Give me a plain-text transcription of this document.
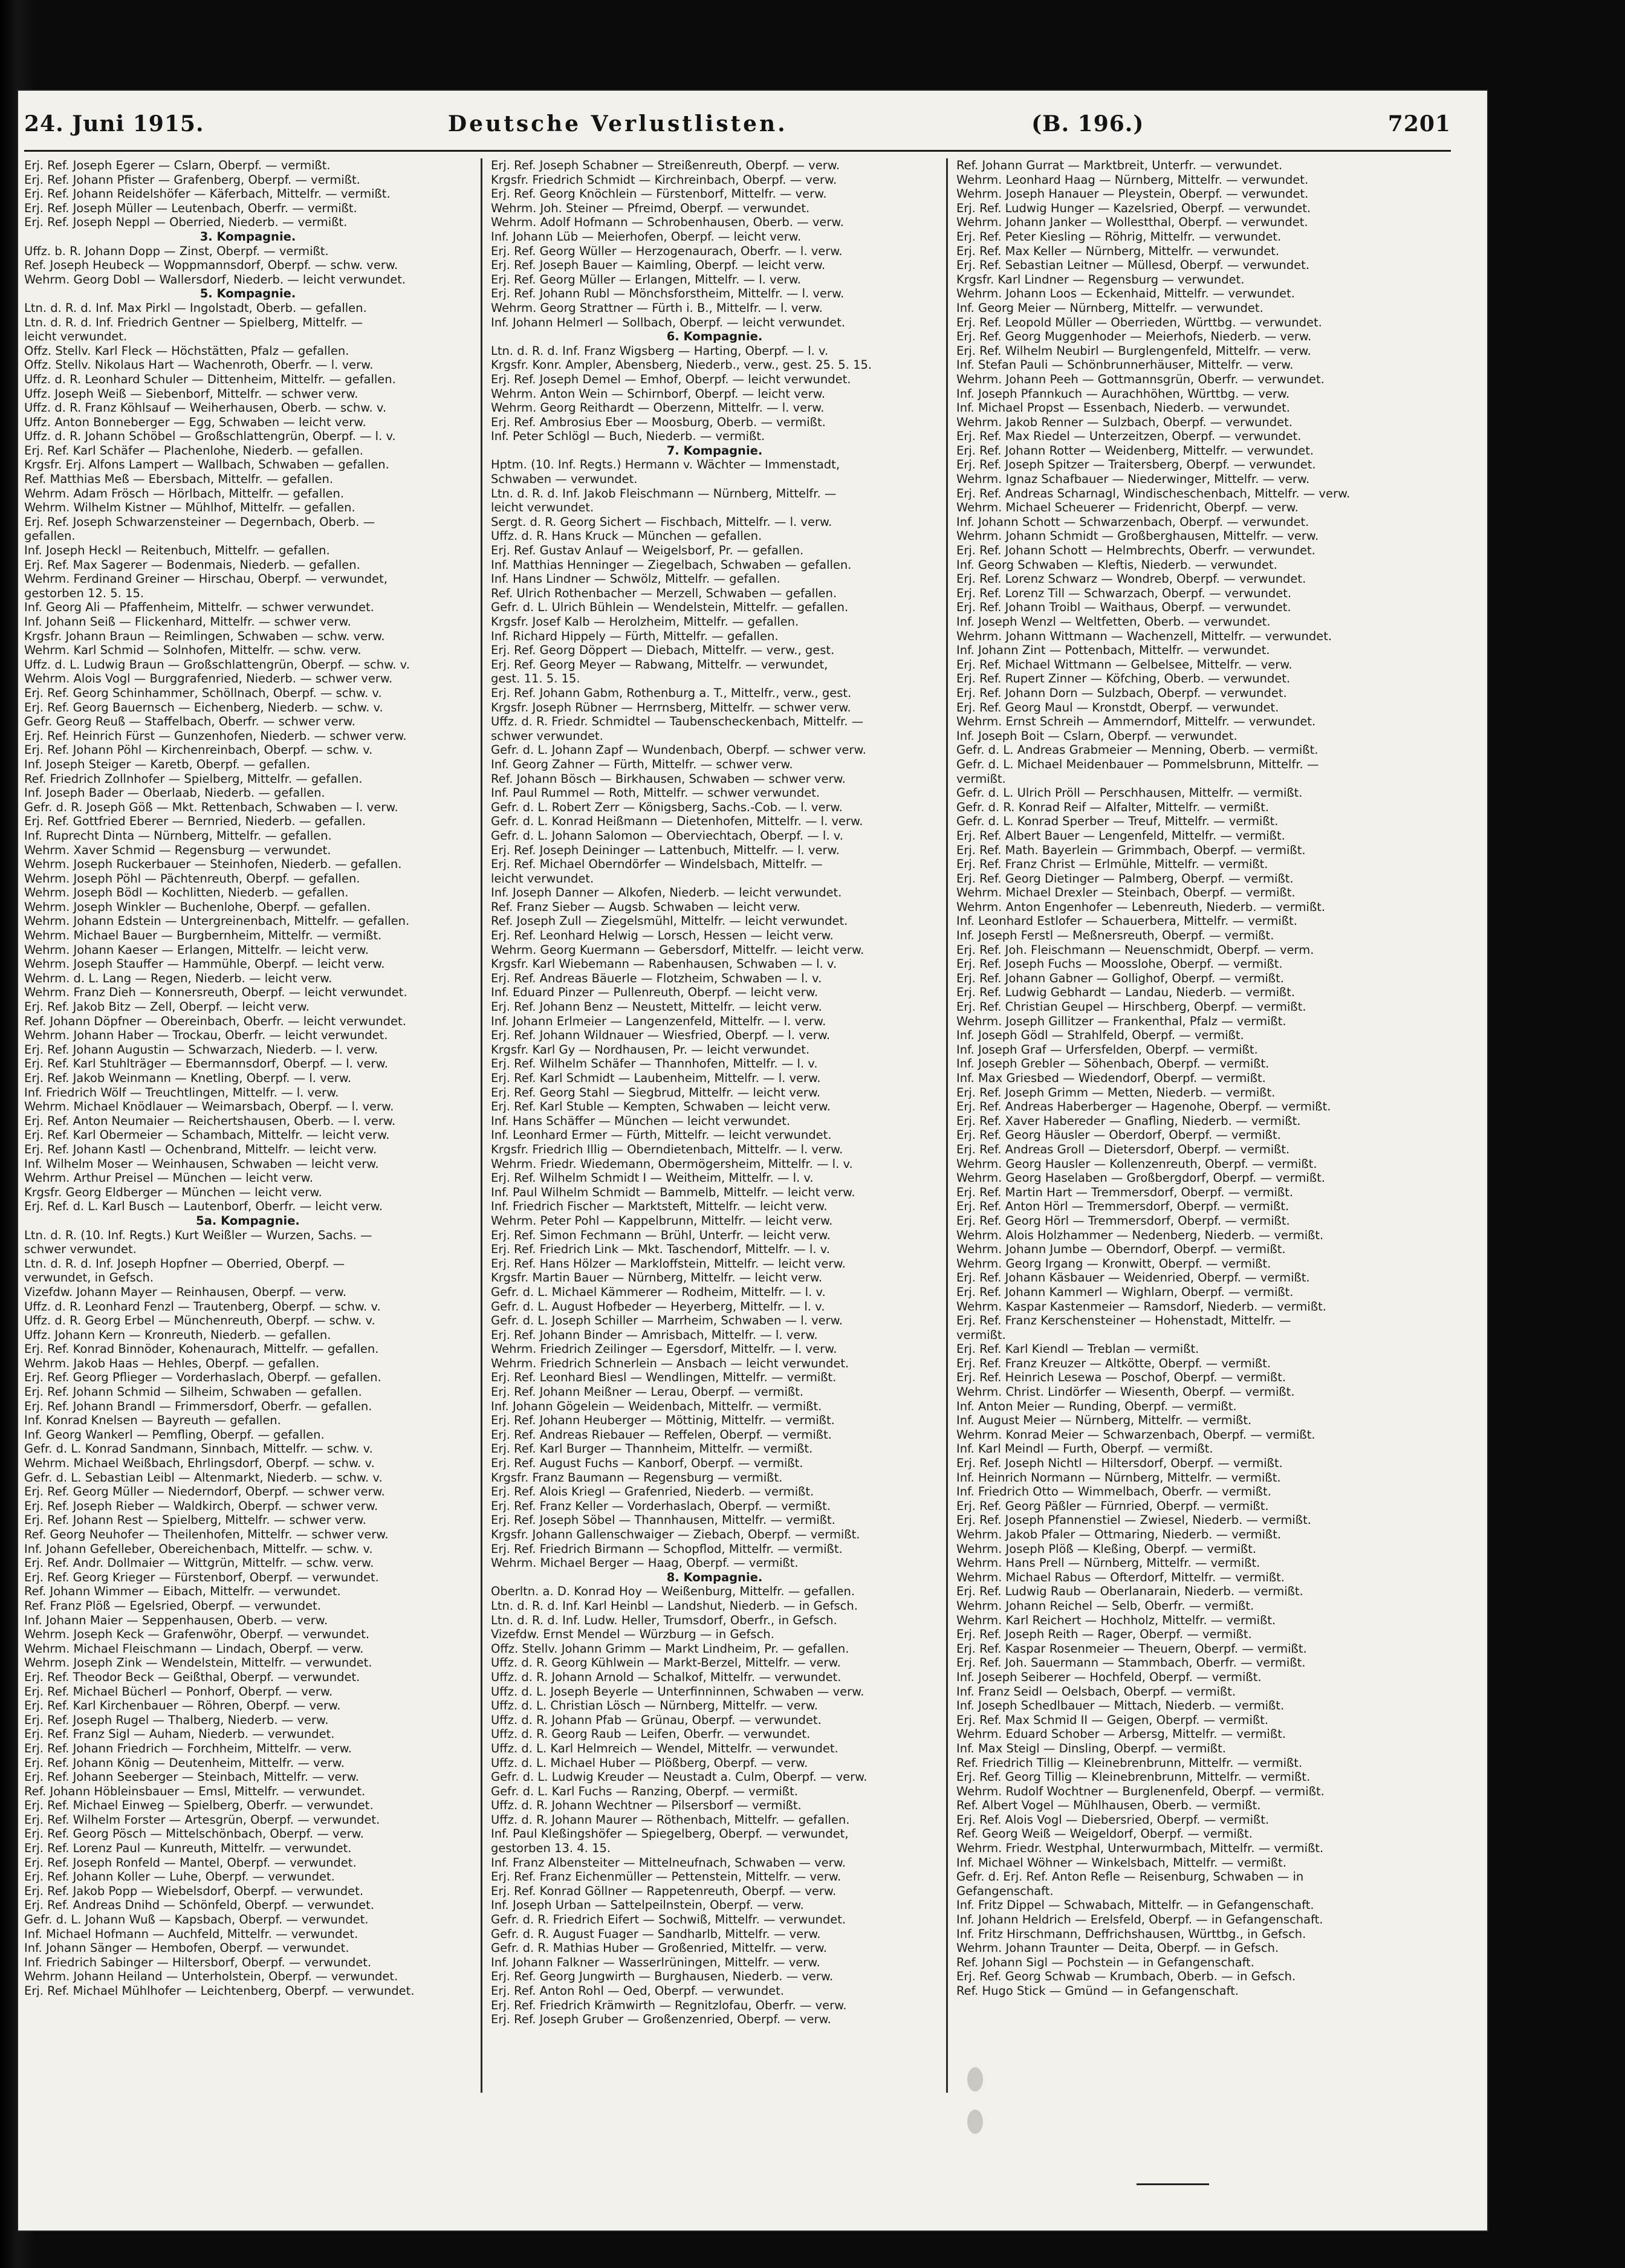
24. Juni 1915.	Deutsche Verlustlisten.	(B. 196.)	7201
Erj. Ref. Joseph Egerer — Cslarn, Oberpf. — vermißt.
Erj. Ref. Johann Pfister — Grafenberg, Oberpf. — vermißt.
Erj. Ref. Johann Reidelshöfer — Käferbach, Mittelfr. — vermißt.
Erj. Ref. Joseph Müller — Leutenbach, Oberfr. — vermißt.
Erj. Ref. Joseph Neppl — Oberried, Niederb. — vermißt.
3. Kompagnie.
Uffz. b. R. Johann Dopp — Zinst, Oberpf. — vermißt.
Ref. Joseph Heubeck — Woppmannsdorf, Oberpf. — schw. verw.
Wehrm. Georg Dobl — Wallersdorf, Niederb. — leicht verwundet.
5. Kompagnie.
Ltn. d. R. d. Inf. Max Pirkl — Ingolstadt, Oberb. — gefallen.
Ltn. d. R. d. Inf. Friedrich Gentner — Spielberg, Mittelfr. —
leicht verwundet.
Offz. Stellv. Karl Fleck — Höchstätten, Pfalz — gefallen.
Offz. Stellv. Nikolaus Hart — Wachenroth, Oberfr. — l. verw.
Uffz. d. R. Leonhard Schuler — Dittenheim, Mittelfr. — gefallen.
Uffz. Joseph Weiß — Siebenborf, Mittelfr. — schwer verw.
Uffz. d. R. Franz Köhlsauf — Weiherhausen, Oberb. — schw. v.
Uffz. Anton Bonneberger — Egg, Schwaben — leicht verw.
Uffz. d. R. Johann Schöbel — Großschlattengrün, Oberpf. — l. v.
Erj. Ref. Karl Schäfer — Plachenlohe, Niederb. — gefallen.
Krgsfr. Erj. Alfons Lampert — Wallbach, Schwaben — gefallen.
Ref. Matthias Meß — Ebersbach, Mittelfr. — gefallen.
Wehrm. Adam Frösch — Hörlbach, Mittelfr. — gefallen.
Wehrm. Wilhelm Kistner — Mühlhof, Mittelfr. — gefallen.
Erj. Ref. Joseph Schwarzensteiner — Degernbach, Oberb. —
gefallen.
Inf. Joseph Heckl — Reitenbuch, Mittelfr. — gefallen.
Erj. Ref. Max Sagerer — Bodenmais, Niederb. — gefallen.
Wehrm. Ferdinand Greiner — Hirschau, Oberpf. — verwundet,
gestorben 12. 5. 15.
Inf. Georg Ali — Pfaffenheim, Mittelfr. — schwer verwundet.
Inf. Johann Seiß — Flickenhard, Mittelfr. — schwer verw.
Krgsfr. Johann Braun — Reimlingen, Schwaben — schw. verw.
Wehrm. Karl Schmid — Solnhofen, Mittelfr. — schw. verw.
Uffz. d. L. Ludwig Braun — Großschlattengrün, Oberpf. — schw. v.
Wehrm. Alois Vogl — Burggrafenried, Niederb. — schwer verw.
Erj. Ref. Georg Schinhammer, Schöllnach, Oberpf. — schw. v.
Erj. Ref. Georg Bauernsch — Eichenberg, Niederb. — schw. v.
Gefr. Georg Reuß — Staffelbach, Oberfr. — schwer verw.
Erj. Ref. Heinrich Fürst — Gunzenhofen, Niederb. — schwer verw.
Erj. Ref. Johann Pöhl — Kirchenreinbach, Oberpf. — schw. v.
Inf. Joseph Steiger — Karetb, Oberpf. — gefallen.
Ref. Friedrich Zollnhofer — Spielberg, Mittelfr. — gefallen.
Inf. Joseph Bader — Oberlaab, Niederb. — gefallen.
Gefr. d. R. Joseph Göß — Mkt. Rettenbach, Schwaben — l. verw.
Erj. Ref. Gottfried Eberer — Bernried, Niederb. — gefallen.
Inf. Ruprecht Dinta — Nürnberg, Mittelfr. — gefallen.
Wehrm. Xaver Schmid — Regensburg — verwundet.
Wehrm. Joseph Ruckerbauer — Steinhofen, Niederb. — gefallen.
Wehrm. Joseph Pöhl — Pächtenreuth, Oberpf. — gefallen.
Wehrm. Joseph Bödl — Kochlitten, Niederb. — gefallen.
Wehrm. Joseph Winkler — Buchenlohe, Oberpf. — gefallen.
Wehrm. Johann Edstein — Untergreinenbach, Mittelfr. — gefallen.
Wehrm. Michael Bauer — Burgbernheim, Mittelfr. — vermißt.
Wehrm. Johann Kaeser — Erlangen, Mittelfr. — leicht verw.
Wehrm. Joseph Stauffer — Hammühle, Oberpf. — leicht verw.
Wehrm. d. L. Lang — Regen, Niederb. — leicht verw.
Wehrm. Franz Dieh — Konnersreuth, Oberpf. — leicht verwundet.
Erj. Ref. Jakob Bitz — Zell, Oberpf. — leicht verw.
Ref. Johann Döpfner — Obereinbach, Oberfr. — leicht verwundet.
Wehrm. Johann Haber — Trockau, Oberfr. — leicht verwundet.
Erj. Ref. Johann Augustin — Schwarzach, Niederb. — l. verw.
Erj. Ref. Karl Stuhlträger — Ebermannsdorf, Oberpf. — l. verw.
Erj. Ref. Jakob Weinmann — Knetling, Oberpf. — l. verw.
Inf. Friedrich Wölf — Treuchtlingen, Mittelfr. — l. verw.
Wehrm. Michael Knödlauer — Weimarsbach, Oberpf. — l. verw.
Erj. Ref. Anton Neumaier — Reichertshausen, Oberb. — l. verw.
Erj. Ref. Karl Obermeier — Schambach, Mittelfr. — leicht verw.
Erj. Ref. Johann Kastl — Ochenbrand, Mittelfr. — leicht verw.
Inf. Wilhelm Moser — Weinhausen, Schwaben — leicht verw.
Wehrm. Arthur Preisel — München — leicht verw.
Krgsfr. Georg Eldberger — München — leicht verw.
Erj. Ref. d. L. Karl Busch — Lautenborf, Oberfr. — leicht verw.
5a. Kompagnie.
Ltn. d. R. (10. Inf. Regts.) Kurt Weißler — Wurzen, Sachs. —
schwer verwundet.
Ltn. d. R. d. Inf. Joseph Hopfner — Oberried, Oberpf. —
verwundet, in Gefsch.
Vizefdw. Johann Mayer — Reinhausen, Oberpf. — verw.
Uffz. d. R. Leonhard Fenzl — Trautenberg, Oberpf. — schw. v.
Uffz. d. R. Georg Erbel — Münchenreuth, Oberpf. — schw. v.
Uffz. Johann Kern — Kronreuth, Niederb. — gefallen.
Erj. Ref. Konrad Binnöder, Kohenaurach, Mittelfr. — gefallen.
Wehrm. Jakob Haas — Hehles, Oberpf. — gefallen.
Erj. Ref. Georg Pflieger — Vorderhaslach, Oberpf. — gefallen.
Erj. Ref. Johann Schmid — Silheim, Schwaben — gefallen.
Erj. Ref. Johann Brandl — Frimmersdorf, Oberfr. — gefallen.
Inf. Konrad Knelsen — Bayreuth — gefallen.
Inf. Georg Wankerl — Pemfling, Oberpf. — gefallen.
Gefr. d. L. Konrad Sandmann, Sinnbach, Mittelfr. — schw. v.
Wehrm. Michael Weißbach, Ehrlingsdorf, Oberpf. — schw. v.
Gefr. d. L. Sebastian Leibl — Altenmarkt, Niederb. — schw. v.
Erj. Ref. Georg Müller — Niederndorf, Oberpf. — schwer verw.
Erj. Ref. Joseph Rieber — Waldkirch, Oberpf. — schwer verw.
Erj. Ref. Johann Rest — Spielberg, Mittelfr. — schwer verw.
Ref. Georg Neuhofer — Theilenhofen, Mittelfr. — schwer verw.
Inf. Johann Gefelleber, Obereichenbach, Mittelfr. — schw. v.
Erj. Ref. Andr. Dollmaier — Wittgrün, Mittelfr. — schw. verw.
Erj. Ref. Georg Krieger — Fürstenborf, Oberpf. — verwundet.
Ref. Johann Wimmer — Eibach, Mittelfr. — verwundet.
Ref. Franz Plöß — Egelsried, Oberpf. — verwundet.
Inf. Johann Maier — Seppenhausen, Oberb. — verw.
Wehrm. Joseph Keck — Grafenwöhr, Oberpf. — verwundet.
Wehrm. Michael Fleischmann — Lindach, Oberpf. — verw.
Wehrm. Joseph Zink — Wendelstein, Mittelfr. — verwundet.
Erj. Ref. Theodor Beck — Geißthal, Oberpf. — verwundet.
Erj. Ref. Michael Bücherl — Ponhorf, Oberpf. — verw.
Erj. Ref. Karl Kirchenbauer — Röhren, Oberpf. — verw.
Erj. Ref. Joseph Rugel — Thalberg, Niederb. — verw.
Erj. Ref. Franz Sigl — Auham, Niederb. — verwundet.
Erj. Ref. Johann Friedrich — Forchheim, Mittelfr. — verw.
Erj. Ref. Johann König — Deutenheim, Mittelfr. — verw.
Erj. Ref. Johann Seeberger — Steinbach, Mittelfr. — verw.
Ref. Johann Höbleinsbauer — Emsl, Mittelfr. — verwundet.
Erj. Ref. Michael Einweg — Spielberg, Oberfr. — verwundet.
Erj. Ref. Wilhelm Forster — Artesgrün, Oberpf. — verwundet.
Erj. Ref. Georg Pösch — Mittelschönbach, Oberpf. — verw.
Erj. Ref. Lorenz Paul — Kunreuth, Mittelfr. — verwundet.
Erj. Ref. Joseph Ronfeld — Mantel, Oberpf. — verwundet.
Erj. Ref. Johann Koller — Luhe, Oberpf. — verwundet.
Erj. Ref. Jakob Popp — Wiebelsdorf, Oberpf. — verwundet.
Erj. Ref. Andreas Dnihd — Schönfeld, Oberpf. — verwundet.
Gefr. d. L. Johann Wuß — Kapsbach, Oberpf. — verwundet.
Inf. Michael Hofmann — Auchfeld, Mittelfr. — verwundet.
Inf. Johann Sänger — Hembofen, Oberpf. — verwundet.
Inf. Friedrich Sabinger — Hiltersborf, Oberpf. — verwundet.
Wehrm. Johann Heiland — Unterholstein, Oberpf. — verwundet.
Erj. Ref. Michael Mühlhofer — Leichtenberg, Oberpf. — verwundet.
Erj. Ref. Joseph Schabner — Streißenreuth, Oberpf. — verw.
Krgsfr. Friedrich Schmidt — Kirchreinbach, Oberpf. — verw.
Erj. Ref. Georg Knöchlein — Fürstenborf, Mittelfr. — verw.
Wehrm. Joh. Steiner — Pfreimd, Oberpf. — verwundet.
Wehrm. Adolf Hofmann — Schrobenhausen, Oberb. — verw.
Inf. Johann Lüb — Meierhofen, Oberpf. — leicht verw.
Erj. Ref. Georg Wüller — Herzogenaurach, Oberfr. — l. verw.
Erj. Ref. Joseph Bauer — Kaimling, Oberpf. — leicht verw.
Erj. Ref. Georg Müller — Erlangen, Mittelfr. — l. verw.
Erj. Ref. Johann Rubl — Mönchsforstheim, Mittelfr. — l. verw.
Wehrm. Georg Strattner — Fürth i. B., Mittelfr. — l. verw.
Inf. Johann Helmerl — Sollbach, Oberpf. — leicht verwundet.
6. Kompagnie.
Ltn. d. R. d. Inf. Franz Wigsberg — Harting, Oberpf. — l. v.
Krgsfr. Konr. Ampler, Abensberg, Niederb., verw., gest. 25. 5. 15.
Erj. Ref. Joseph Demel — Emhof, Oberpf. — leicht verwundet.
Wehrm. Anton Wein — Schirnborf, Oberpf. — leicht verw.
Wehrm. Georg Reithardt — Oberzenn, Mittelfr. — l. verw.
Erj. Ref. Ambrosius Eber — Moosburg, Oberb. — vermißt.
Inf. Peter Schlögl — Buch, Niederb. — vermißt.
7. Kompagnie.
Hptm. (10. Inf. Regts.) Hermann v. Wächter — Immenstadt,
Schwaben — verwundet.
Ltn. d. R. d. Inf. Jakob Fleischmann — Nürnberg, Mittelfr. —
leicht verwundet.
Sergt. d. R. Georg Sichert — Fischbach, Mittelfr. — l. verw.
Uffz. d. R. Hans Kruck — München — gefallen.
Erj. Ref. Gustav Anlauf — Weigelsborf, Pr. — gefallen.
Inf. Matthias Henninger — Ziegelbach, Schwaben — gefallen.
Inf. Hans Lindner — Schwölz, Mittelfr. — gefallen.
Ref. Ulrich Rothenbacher — Merzell, Schwaben — gefallen.
Gefr. d. L. Ulrich Bühlein — Wendelstein, Mittelfr. — gefallen.
Krgsfr. Josef Kalb — Herolzheim, Mittelfr. — gefallen.
Inf. Richard Hippely — Fürth, Mittelfr. — gefallen.
Erj. Ref. Georg Döppert — Diebach, Mittelfr. — verw., gest.
Erj. Ref. Georg Meyer — Rabwang, Mittelfr. — verwundet,
gest. 11. 5. 15.
Erj. Ref. Johann Gabm, Rothenburg a. T., Mittelfr., verw., gest.
Krgsfr. Joseph Rübner — Herrnsberg, Mittelfr. — schwer verw.
Uffz. d. R. Friedr. Schmidtel — Taubenscheckenbach, Mittelfr. —
schwer verwundet.
Gefr. d. L. Johann Zapf — Wundenbach, Oberpf. — schwer verw.
Inf. Georg Zahner — Fürth, Mittelfr. — schwer verw.
Ref. Johann Bösch — Birkhausen, Schwaben — schwer verw.
Inf. Paul Rummel — Roth, Mittelfr. — schwer verwundet.
Gefr. d. L. Robert Zerr — Königsberg, Sachs.-Cob. — l. verw.
Gefr. d. L. Konrad Heißmann — Dietenhofen, Mittelfr. — l. verw.
Gefr. d. L. Johann Salomon — Oberviechtach, Oberpf. — l. v.
Erj. Ref. Joseph Deininger — Lattenbuch, Mittelfr. — l. verw.
Erj. Ref. Michael Oberndörfer — Windelsbach, Mittelfr. —
leicht verwundet.
Inf. Joseph Danner — Alkofen, Niederb. — leicht verwundet.
Ref. Franz Sieber — Augsb. Schwaben — leicht verw.
Ref. Joseph Zull — Ziegelsmühl, Mittelfr. — leicht verwundet.
Erj. Ref. Leonhard Helwig — Lorsch, Hessen — leicht verw.
Wehrm. Georg Kuermann — Gebersdorf, Mittelfr. — leicht verw.
Krgsfr. Karl Wiebemann — Rabenhausen, Schwaben — l. v.
Erj. Ref. Andreas Bäuerle — Flotzheim, Schwaben — l. v.
Inf. Eduard Pinzer — Pullenreuth, Oberpf. — leicht verw.
Erj. Ref. Johann Benz — Neustett, Mittelfr. — leicht verw.
Inf. Johann Erlmeier — Langenzenfeld, Mittelfr. — l. verw.
Erj. Ref. Johann Wildnauer — Wiesfried, Oberpf. — l. verw.
Krgsfr. Karl Gy — Nordhausen, Pr. — leicht verwundet.
Erj. Ref. Wilhelm Schäfer — Thannhofen, Mittelfr. — l. v.
Erj. Ref. Karl Schmidt — Laubenheim, Mittelfr. — l. verw.
Erj. Ref. Georg Stahl — Siegbrud, Mittelfr. — leicht verw.
Erj. Ref. Karl Stuble — Kempten, Schwaben — leicht verw.
Inf. Hans Schäffer — München — leicht verwundet.
Inf. Leonhard Ermer — Fürth, Mittelfr. — leicht verwundet.
Krgsfr. Friedrich Illig — Oberndietenbach, Mittelfr. — l. verw.
Wehrm. Friedr. Wiedemann, Obermögersheim, Mittelfr. — l. v.
Erj. Ref. Wilhelm Schmidt I — Weitheim, Mittelfr. — l. v.
Inf. Paul Wilhelm Schmidt — Bammelb, Mittelfr. — leicht verw.
Inf. Friedrich Fischer — Marktsteft, Mittelfr. — leicht verw.
Wehrm. Peter Pohl — Kappelbrunn, Mittelfr. — leicht verw.
Erj. Ref. Simon Fechmann — Brühl, Unterfr. — leicht verw.
Erj. Ref. Friedrich Link — Mkt. Taschendorf, Mittelfr. — l. v.
Erj. Ref. Hans Hölzer — Markloffstein, Mittelfr. — leicht verw.
Krgsfr. Martin Bauer — Nürnberg, Mittelfr. — leicht verw.
Gefr. d. L. Michael Kämmerer — Rodheim, Mittelfr. — l. v.
Gefr. d. L. August Hofbeder — Heyerberg, Mittelfr. — l. v.
Gefr. d. L. Joseph Schiller — Marrheim, Schwaben — l. verw.
Erj. Ref. Johann Binder — Amrisbach, Mittelfr. — l. verw.
Wehrm. Friedrich Zeilinger — Egersdorf, Mittelfr. — l. verw.
Wehrm. Friedrich Schnerlein — Ansbach — leicht verwundet.
Erj. Ref. Leonhard Biesl — Wendlingen, Mittelfr. — vermißt.
Erj. Ref. Johann Meißner — Lerau, Oberpf. — vermißt.
Inf. Johann Gögelein — Weidenbach, Mittelfr. — vermißt.
Erj. Ref. Johann Heuberger — Möttinig, Mittelfr. — vermißt.
Erj. Ref. Andreas Riebauer — Reffelen, Oberpf. — vermißt.
Erj. Ref. Karl Burger — Thannheim, Mittelfr. — vermißt.
Erj. Ref. August Fuchs — Kanborf, Oberpf. — vermißt.
Krgsfr. Franz Baumann — Regensburg — vermißt.
Erj. Ref. Alois Kriegl — Grafenried, Niederb. — vermißt.
Erj. Ref. Franz Keller — Vorderhaslach, Oberpf. — vermißt.
Erj. Ref. Joseph Söbel — Thannhausen, Mittelfr. — vermißt.
Krgsfr. Johann Gallenschwaiger — Ziebach, Oberpf. — vermißt.
Erj. Ref. Friedrich Birmann — Schopflod, Mittelfr. — vermißt.
Wehrm. Michael Berger — Haag, Oberpf. — vermißt.
8. Kompagnie.
Oberltn. a. D. Konrad Hoy — Weißenburg, Mittelfr. — gefallen.
Ltn. d. R. d. Inf. Karl Heinbl — Landshut, Niederb. — in Gefsch.
Ltn. d. R. d. Inf. Ludw. Heller, Trumsdorf, Oberfr., in Gefsch.
Vizefdw. Ernst Mendel — Würzburg — in Gefsch.
Offz. Stellv. Johann Grimm — Markt Lindheim, Pr. — gefallen.
Uffz. d. R. Georg Kühlwein — Markt-Berzel, Mittelfr. — verw.
Uffz. d. R. Johann Arnold — Schalkof, Mittelfr. — verwundet.
Uffz. d. L. Joseph Beyerle — Unterfinninnen, Schwaben — verw.
Uffz. d. L. Christian Lösch — Nürnberg, Mittelfr. — verw.
Uffz. d. R. Johann Pfab — Grünau, Oberpf. — verwundet.
Uffz. d. R. Georg Raub — Leifen, Oberfr. — verwundet.
Uffz. d. L. Karl Helmreich — Wendel, Mittelfr. — verwundet.
Uffz. d. L. Michael Huber — Plößberg, Oberpf. — verw.
Gefr. d. L. Ludwig Kreuder — Neustadt a. Culm, Oberpf. — verw.
Gefr. d. L. Karl Fuchs — Ranzing, Oberpf. — vermißt.
Uffz. d. R. Johann Wechtner — Pilsersborf — vermißt.
Uffz. d. R. Johann Maurer — Röthenbach, Mittelfr. — gefallen.
Inf. Paul Kleßingshöfer — Spiegelberg, Oberpf. — verwundet,
gestorben 13. 4. 15.
Inf. Franz Albensteiter — Mittelneufnach, Schwaben — verw.
Erj. Ref. Franz Eichenmüller — Pettenstein, Mittelfr. — verw.
Erj. Ref. Konrad Göllner — Rappetenreuth, Oberpf. — verw.
Inf. Joseph Urban — Sattelpeilnstein, Oberpf. — verw.
Gefr. d. R. Friedrich Eifert — Sochwiß, Mittelfr. — verwundet.
Gefr. d. R. August Fuager — Sandharlb, Mittelfr. — verw.
Gefr. d. R. Mathias Huber — Großenried, Mittelfr. — verw.
Inf. Johann Falkner — Wasserlrüningen, Mittelfr. — verw.
Erj. Ref. Georg Jungwirth — Burghausen, Niederb. — verw.
Erj. Ref. Anton Rohl — Oed, Oberpf. — verwundet.
Erj. Ref. Friedrich Krämwirth — Regnitzlofau, Oberfr. — verw.
Erj. Ref. Joseph Gruber — Großenzenried, Oberpf. — verw.
Ref. Johann Gurrat — Marktbreit, Unterfr. — verwundet.
Wehrm. Leonhard Haag — Nürnberg, Mittelfr. — verwundet.
Wehrm. Joseph Hanauer — Pleystein, Oberpf. — verwundet.
Erj. Ref. Ludwig Hunger — Kazelsried, Oberpf. — verwundet.
Wehrm. Johann Janker — Wollestthal, Oberpf. — verwundet.
Erj. Ref. Peter Kiesling — Röhrig, Mittelfr. — verwundet.
Erj. Ref. Max Keller — Nürnberg, Mittelfr. — verwundet.
Erj. Ref. Sebastian Leitner — Müllesd, Oberpf. — verwundet.
Krgsfr. Karl Lindner — Regensburg — verwundet.
Wehrm. Johann Loos — Eckenhaid, Mittelfr. — verwundet.
Inf. Georg Meier — Nürnberg, Mittelfr. — verwundet.
Erj. Ref. Leopold Müller — Oberrieden, Württbg. — verwundet.
Erj. Ref. Georg Muggenhoder — Meierhofs, Niederb. — verw.
Erj. Ref. Wilhelm Neubirl — Burglengenfeld, Mittelfr. — verw.
Inf. Stefan Pauli — Schönbrunnerhäuser, Mittelfr. — verw.
Wehrm. Johann Peeh — Gottmannsgrün, Oberfr. — verwundet.
Inf. Joseph Pfannkuch — Aurachhöhen, Württbg. — verw.
Inf. Michael Propst — Essenbach, Niederb. — verwundet.
Wehrm. Jakob Renner — Sulzbach, Oberpf. — verwundet.
Erj. Ref. Max Riedel — Unterzeitzen, Oberpf. — verwundet.
Erj. Ref. Johann Rotter — Weidenberg, Mittelfr. — verwundet.
Erj. Ref. Joseph Spitzer — Traitersberg, Oberpf. — verwundet.
Wehrm. Ignaz Schafbauer — Niederwinger, Mittelfr. — verw.
Erj. Ref. Andreas Scharnagl, Windischeschenbach, Mittelfr. — verw.
Wehrm. Michael Scheuerer — Fridenricht, Oberpf. — verw.
Inf. Johann Schott — Schwarzenbach, Oberpf. — verwundet.
Wehrm. Johann Schmidt — Großberghausen, Mittelfr. — verw.
Erj. Ref. Johann Schott — Helmbrechts, Oberfr. — verwundet.
Inf. Georg Schwaben — Kleftis, Niederb. — verwundet.
Erj. Ref. Lorenz Schwarz — Wondreb, Oberpf. — verwundet.
Erj. Ref. Lorenz Till — Schwarzach, Oberpf. — verwundet.
Erj. Ref. Johann Troibl — Waithaus, Oberpf. — verwundet.
Inf. Joseph Wenzl — Weltfetten, Oberb. — verwundet.
Wehrm. Johann Wittmann — Wachenzell, Mittelfr. — verwundet.
Inf. Johann Zint — Pottenbach, Mittelfr. — verwundet.
Erj. Ref. Michael Wittmann — Gelbelsee, Mittelfr. — verw.
Erj. Ref. Rupert Zinner — Köfching, Oberb. — verwundet.
Erj. Ref. Johann Dorn — Sulzbach, Oberpf. — verwundet.
Erj. Ref. Georg Maul — Kronstdt, Oberpf. — verwundet.
Wehrm. Ernst Schreih — Ammerndorf, Mittelfr. — verwundet.
Inf. Joseph Boit — Cslarn, Oberpf. — verwundet.
Gefr. d. L. Andreas Grabmeier — Menning, Oberb. — vermißt.
Gefr. d. L. Michael Meidenbauer — Pommelsbrunn, Mittelfr. —
vermißt.
Gefr. d. L. Ulrich Pröll — Perschhausen, Mittelfr. — vermißt.
Gefr. d. R. Konrad Reif — Alfalter, Mittelfr. — vermißt.
Gefr. d. L. Konrad Sperber — Treuf, Mittelfr. — vermißt.
Erj. Ref. Albert Bauer — Lengenfeld, Mittelfr. — vermißt.
Erj. Ref. Math. Bayerlein — Grimmbach, Oberpf. — vermißt.
Erj. Ref. Franz Christ — Erlmühle, Mittelfr. — vermißt.
Erj. Ref. Georg Dietinger — Palmberg, Oberpf. — vermißt.
Wehrm. Michael Drexler — Steinbach, Oberpf. — vermißt.
Wehrm. Anton Engenhofer — Lebenreuth, Niederb. — vermißt.
Inf. Leonhard Estlofer — Schauerbera, Mittelfr. — vermißt.
Inf. Joseph Ferstl — Meßnersreuth, Oberpf. — vermißt.
Erj. Ref. Joh. Fleischmann — Neuenschmidt, Oberpf. — verm.
Erj. Ref. Joseph Fuchs — Moosslohe, Oberpf. — vermißt.
Erj. Ref. Johann Gabner — Gollighof, Oberpf. — vermißt.
Erj. Ref. Ludwig Gebhardt — Landau, Niederb. — vermißt.
Erj. Ref. Christian Geupel — Hirschberg, Oberpf. — vermißt.
Wehrm. Joseph Gillitzer — Frankenthal, Pfalz — vermißt.
Inf. Joseph Gödl — Strahlfeld, Oberpf. — vermißt.
Inf. Joseph Graf — Urfersfelden, Oberpf. — vermißt.
Inf. Joseph Grebler — Söhenbach, Oberpf. — vermißt.
Inf. Max Griesbed — Wiedendorf, Oberpf. — vermißt.
Erj. Ref. Joseph Grimm — Metten, Niederb. — vermißt.
Erj. Ref. Andreas Haberberger — Hagenohe, Oberpf. — vermißt.
Erj. Ref. Xaver Habereder — Gnafling, Niederb. — vermißt.
Erj. Ref. Georg Häusler — Oberdorf, Oberpf. — vermißt.
Erj. Ref. Andreas Groll — Dietersdorf, Oberpf. — vermißt.
Wehrm. Georg Hausler — Kollenzenreuth, Oberpf. — vermißt.
Wehrm. Georg Haselaben — Großbergdorf, Oberpf. — vermißt.
Erj. Ref. Martin Hart — Tremmersdorf, Oberpf. — vermißt.
Erj. Ref. Anton Hörl — Tremmersdorf, Oberpf. — vermißt.
Erj. Ref. Georg Hörl — Tremmersdorf, Oberpf. — vermißt.
Wehrm. Alois Holzhammer — Nedenberg, Niederb. — vermißt.
Wehrm. Johann Jumbe — Oberndorf, Oberpf. — vermißt.
Wehrm. Georg Irgang — Kronwitt, Oberpf. — vermißt.
Erj. Ref. Johann Käsbauer — Weidenried, Oberpf. — vermißt.
Erj. Ref. Johann Kammerl — Wighlarn, Oberpf. — vermißt.
Wehrm. Kaspar Kastenmeier — Ramsdorf, Niederb. — vermißt.
Erj. Ref. Franz Kerschensteiner — Hohenstadt, Mittelfr. —
vermißt.
Erj. Ref. Karl Kiendl — Treblan — vermißt.
Erj. Ref. Franz Kreuzer — Altkötte, Oberpf. — vermißt.
Erj. Ref. Heinrich Lesewa — Poschof, Oberpf. — vermißt.
Wehrm. Christ. Lindörfer — Wiesenth, Oberpf. — vermißt.
Inf. Anton Meier — Runding, Oberpf. — vermißt.
Inf. August Meier — Nürnberg, Mittelfr. — vermißt.
Wehrm. Konrad Meier — Schwarzenbach, Oberpf. — vermißt.
Inf. Karl Meindl — Furth, Oberpf. — vermißt.
Erj. Ref. Joseph Nichtl — Hiltersdorf, Oberpf. — vermißt.
Inf. Heinrich Normann — Nürnberg, Mittelfr. — vermißt.
Inf. Friedrich Otto — Wimmelbach, Oberfr. — vermißt.
Erj. Ref. Georg Päßler — Fürnried, Oberpf. — vermißt.
Erj. Ref. Joseph Pfannenstiel — Zwiesel, Niederb. — vermißt.
Wehrm. Jakob Pfaler — Ottmaring, Niederb. — vermißt.
Wehrm. Joseph Plöß — Kleßing, Oberpf. — vermißt.
Wehrm. Hans Prell — Nürnberg, Mittelfr. — vermißt.
Wehrm. Michael Rabus — Ofterdorf, Mittelfr. — vermißt.
Erj. Ref. Ludwig Raub — Oberlanarain, Niederb. — vermißt.
Wehrm. Johann Reichel — Selb, Oberfr. — vermißt.
Wehrm. Karl Reichert — Hochholz, Mittelfr. — vermißt.
Erj. Ref. Joseph Reith — Rager, Oberpf. — vermißt.
Erj. Ref. Kaspar Rosenmeier — Theuern, Oberpf. — vermißt.
Erj. Ref. Joh. Sauermann — Stammbach, Oberfr. — vermißt.
Inf. Joseph Seiberer — Hochfeld, Oberpf. — vermißt.
Inf. Franz Seidl — Oelsbach, Oberpf. — vermißt.
Inf. Joseph Schedlbauer — Mittach, Niederb. — vermißt.
Erj. Ref. Max Schmid II — Geigen, Oberpf. — vermißt.
Wehrm. Eduard Schober — Arbersg, Mittelfr. — vermißt.
Inf. Max Steigl — Dinsling, Oberpf. — vermißt.
Ref. Friedrich Tillig — Kleinebrenbrunn, Mittelfr. — vermißt.
Erj. Ref. Georg Tillig — Kleinebrenbrunn, Mittelfr. — vermißt.
Wehrm. Rudolf Wochtner — Burglenenfeld, Oberpf. — vermißt.
Ref. Albert Vogel — Mühlhausen, Oberb. — vermißt.
Erj. Ref. Alois Vogl — Diebersried, Oberpf. — vermißt.
Ref. Georg Weiß — Weigeldorf, Oberpf. — vermißt.
Wehrm. Friedr. Westphal, Unterwurmbach, Mittelfr. — vermißt.
Inf. Michael Wöhner — Winkelsbach, Mittelfr. — vermißt.
Gefr. d. Erj. Ref. Anton Refle — Reisenburg, Schwaben — in
Gefangenschaft.
Inf. Fritz Dippel — Schwabach, Mittelfr. — in Gefangenschaft.
Inf. Johann Heldrich — Erelsfeld, Oberpf. — in Gefangenschaft.
Inf. Fritz Hirschmann, Deffrichshausen, Württbg., in Gefsch.
Wehrm. Johann Traunter — Deita, Oberpf. — in Gefsch.
Ref. Johann Sigl — Pochstein — in Gefangenschaft.
Erj. Ref. Georg Schwab — Krumbach, Oberb. — in Gefsch.
Ref. Hugo Stick — Gmünd — in Gefangenschaft.
